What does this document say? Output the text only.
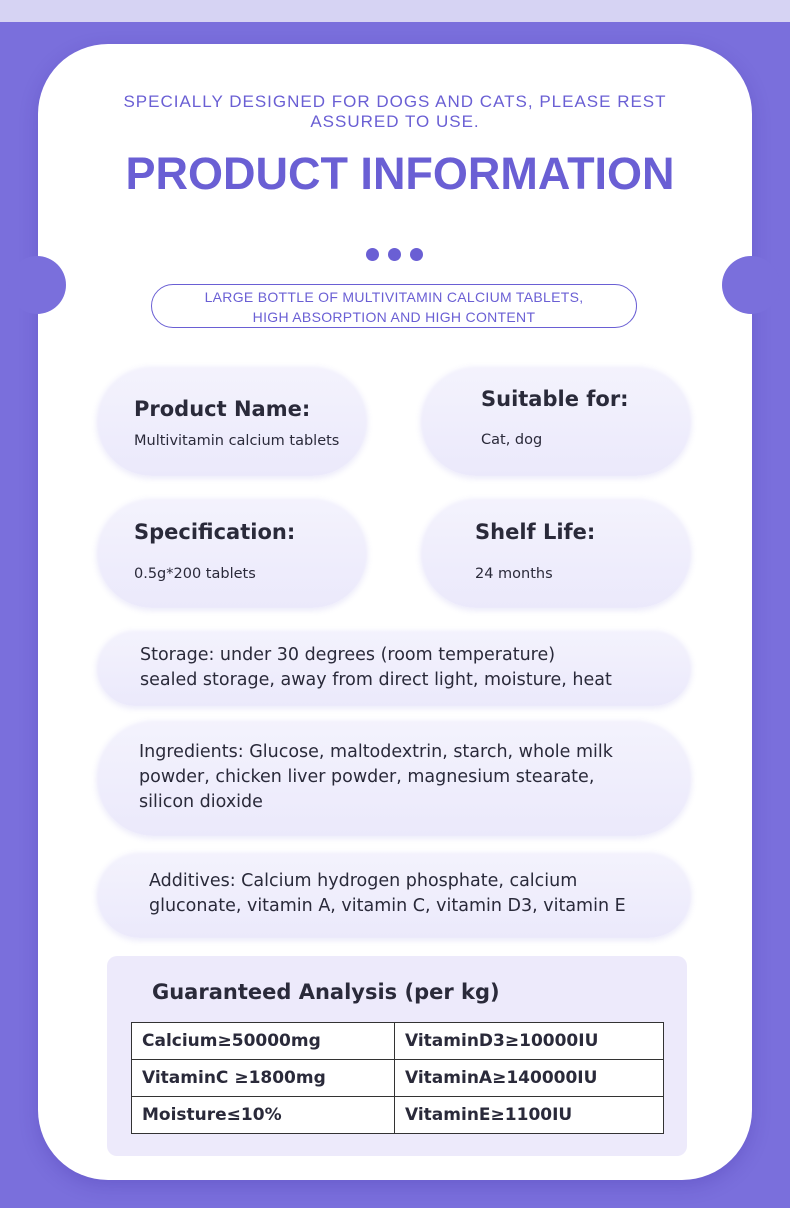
SPECIALLY DESIGNED FOR DOGS AND CATS, PLEASE REST
ASSURED TO USE.
PRODUCT INFORMATION
LARGE BOTTLE OF MULTIVITAMIN CALCIUM TABLETS,
HIGH ABSORPTION AND HIGH CONTENT
Product Name:
Multivitamin calcium tablets
Suitable for:
Cat, dog
Specification:
0.5g*200 tablets
Shelf Life:
24 months
Storage: under 30 degrees (room temperature)
sealed storage, away from direct light, moisture, heat
Ingredients: Glucose, maltodextrin, starch, whole milk
powder, chicken liver powder, magnesium stearate,
silicon dioxide
Additives: Calcium hydrogen phosphate, calcium
gluconate, vitamin A, vitamin C, vitamin D3, vitamin E
Guaranteed Analysis (per kg)
Calcium≥50000mg	VitaminD3≥10000IU
VitaminC ≥1800mg	VitaminA≥140000IU
Moisture≤10%	VitaminE≥1100IU
